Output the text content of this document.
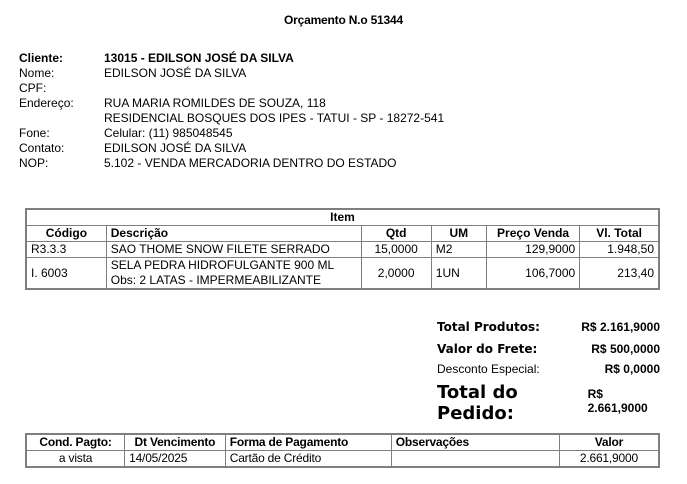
Orçamento N.o 51344
Cliente:	13015 - EDILSON JOSÉ DA SILVA
Nome:	EDILSON JOSÉ DA SILVA
CPF:
Endereço:	RUA MARIA ROMILDES DE SOUZA, 118
RESIDENCIAL BOSQUES DOS IPES - TATUI - SP - 18272-541
Fone:	Celular: (11) 985048545
Contato:	EDILSON JOSÉ DA SILVA
NOP:	5.102 - VENDA MERCADORIA DENTRO DO ESTADO
Item					
Código	Descrição	Qtd	UM	Preço Venda	Vl. Total
R3.3.3	SAO THOME SNOW FILETE SERRADO	15,0000	M2	129,9000	1.948,50
I. 6003	SELA PEDRA HIDROFULGANTE 900 ML
Obs: 2 LATAS - IMPERMEABILIZANTE	2,0000	1UN	106,7000	213,40
Total Produtos:	R$ 2.161,9000
Valor do Frete:	R$ 500,0000
Desconto Especial:	R$ 0,0000
Total do Pedido:
R$ 2.661,9000
Cond. Pagto:	Dt Vencimento	Forma de Pagamento	Observações	Valor
a vista	14/05/2025	Cartão de Crédito		2.661,9000
